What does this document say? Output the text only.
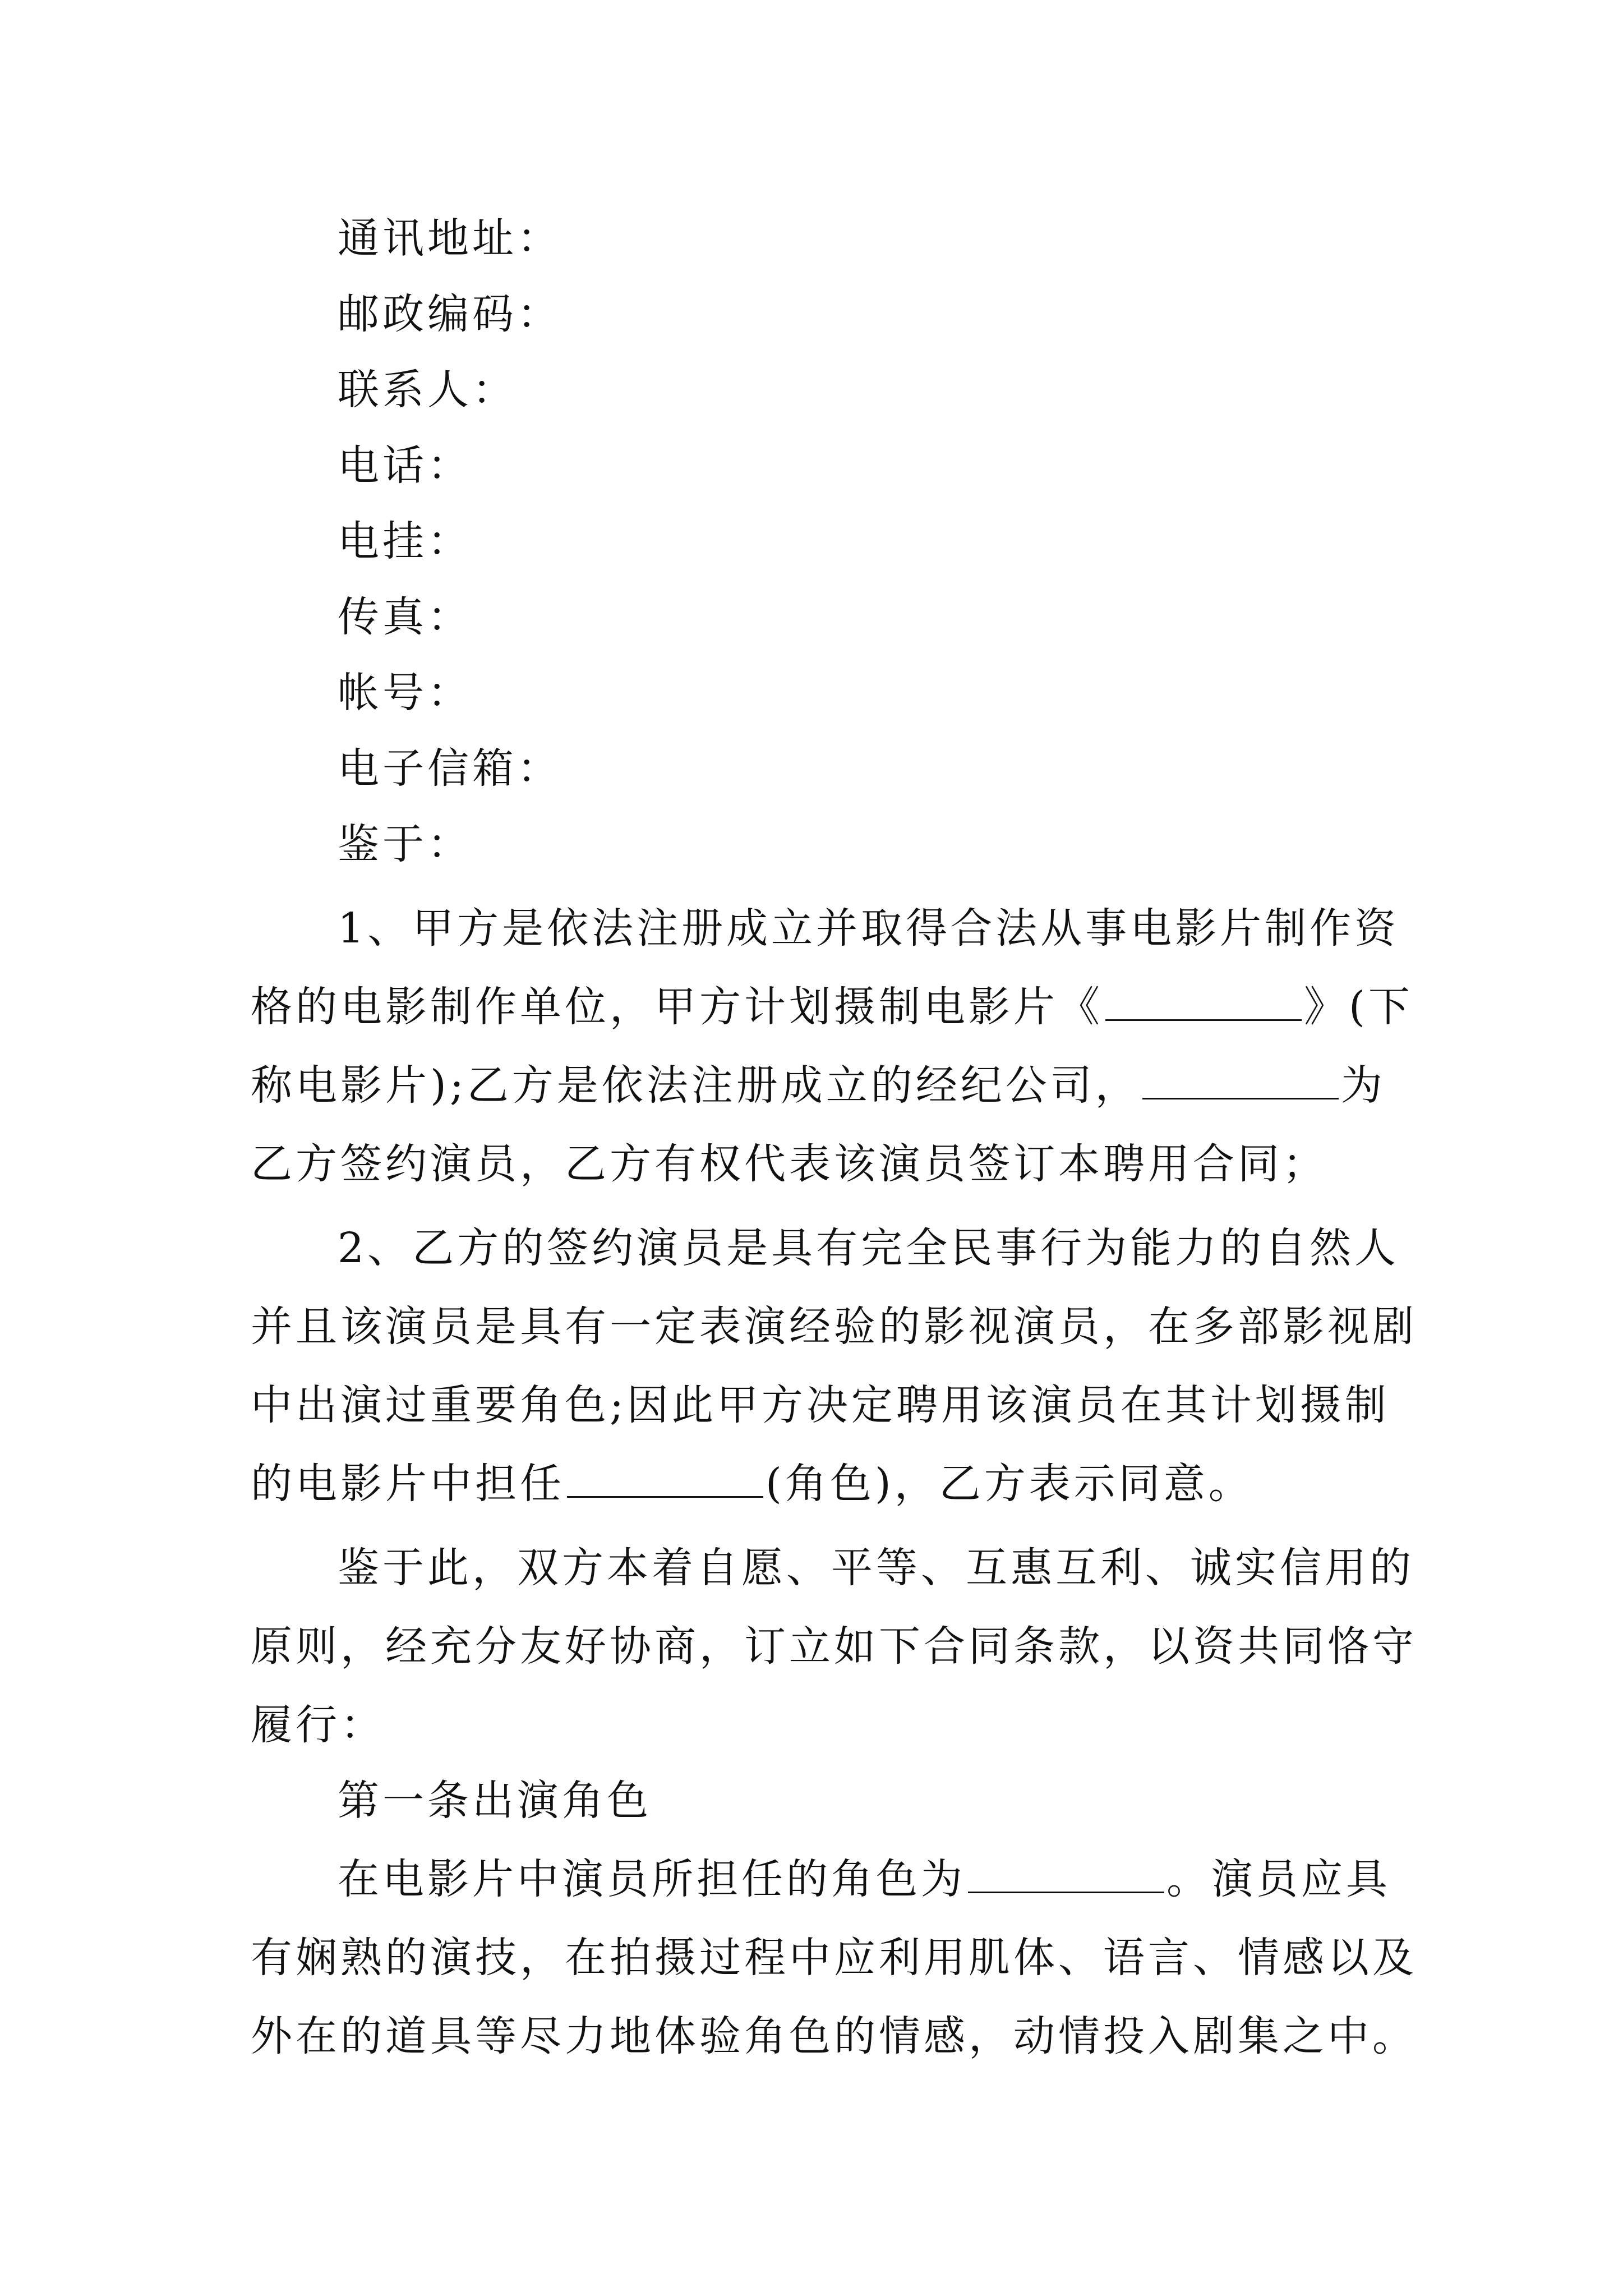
通讯地址：
邮政编码：
联系人：
电话：
电挂：
传真：
帐号：
电子信箱：
鉴于：
1、甲方是依法注册成立并取得合法从事电影片制作资
格的电影制作单位，甲方计划摄制电影片《	》(下
称电影片);乙方是依法注册成立的经纪公司，	为
乙方签约演员，乙方有权代表该演员签订本聘用合同；
2、乙方的签约演员是具有完全民事行为能力的自然人
并且该演员是具有一定表演经验的影视演员，在多部影视剧
中出演过重要角色;因此甲方决定聘用该演员在其计划摄制
的电影片中担任	(角色)，乙方表示同意。
鉴于此，双方本着自愿、平等、互惠互利、诚实信用的
原则，经充分友好协商，订立如下合同条款，以资共同恪守
履行：
第一条出演角色
在电影片中演员所担任的角色为	。演员应具
有娴熟的演技，在拍摄过程中应利用肌体、语言、情感以及
外在的道具等尽力地体验角色的情感，动情投入剧集之中。
